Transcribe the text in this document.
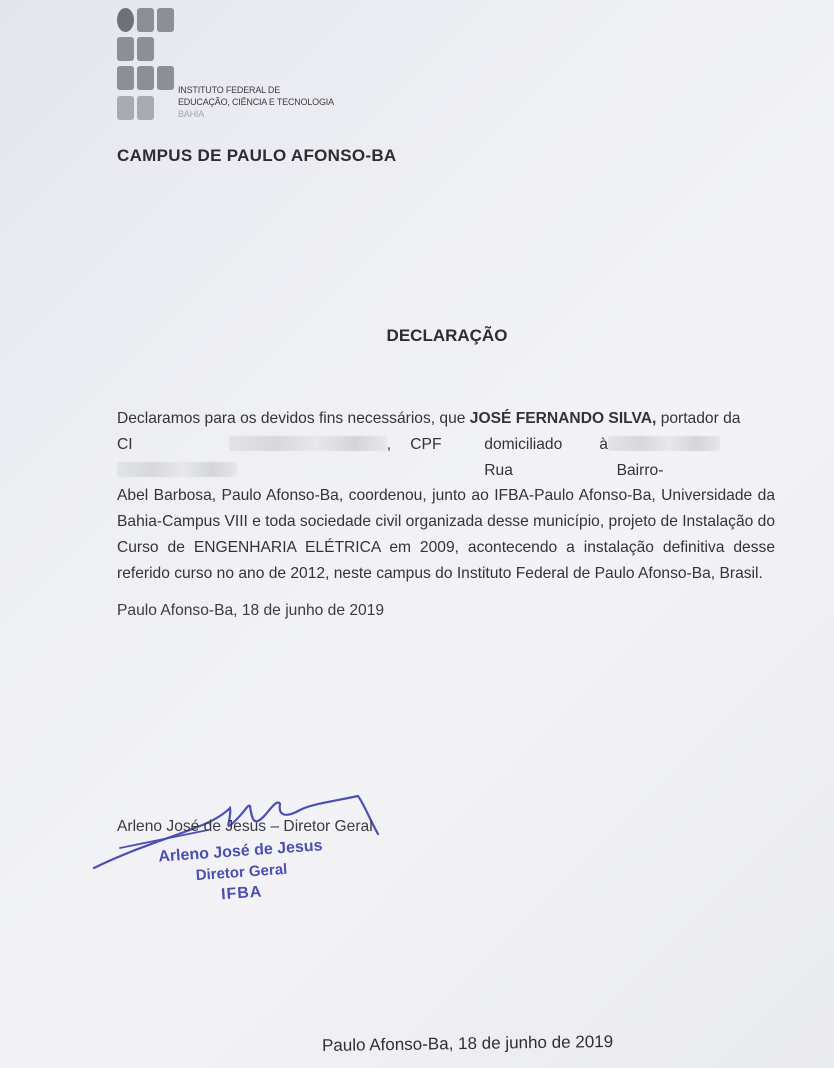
INSTITUTO FEDERAL DE
EDUCAÇÃO, CIÊNCIA E TECNOLOGIA
BAHIA
CAMPUS DE PAULO AFONSO-BA
DECLARAÇÃO

Declaramos para os devidos fins necessários, que JOSÉ FERNANDO SILVA, portador da

CI	, CPF	domiciliado à Rua	Bairro-
Abel Barbosa, Paulo Afonso-Ba, coordenou, junto ao IFBA-Paulo Afonso-Ba, Universidade da Bahia-Campus VIII e toda sociedade civil organizada desse município, projeto de Instalação do Curso de ENGENHARIA ELÉTRICA em 2009, acontecendo a instalação definitiva desse referido curso no ano de 2012, neste campus do Instituto Federal de Paulo Afonso-Ba, Brasil.

Paulo Afonso-Ba, 18 de junho de 2019
Arleno José de Jesus – Diretor Geral
Arleno José de Jesus
Diretor Geral
IFBA
Paulo Afonso-Ba, 18 de junho de 2019
